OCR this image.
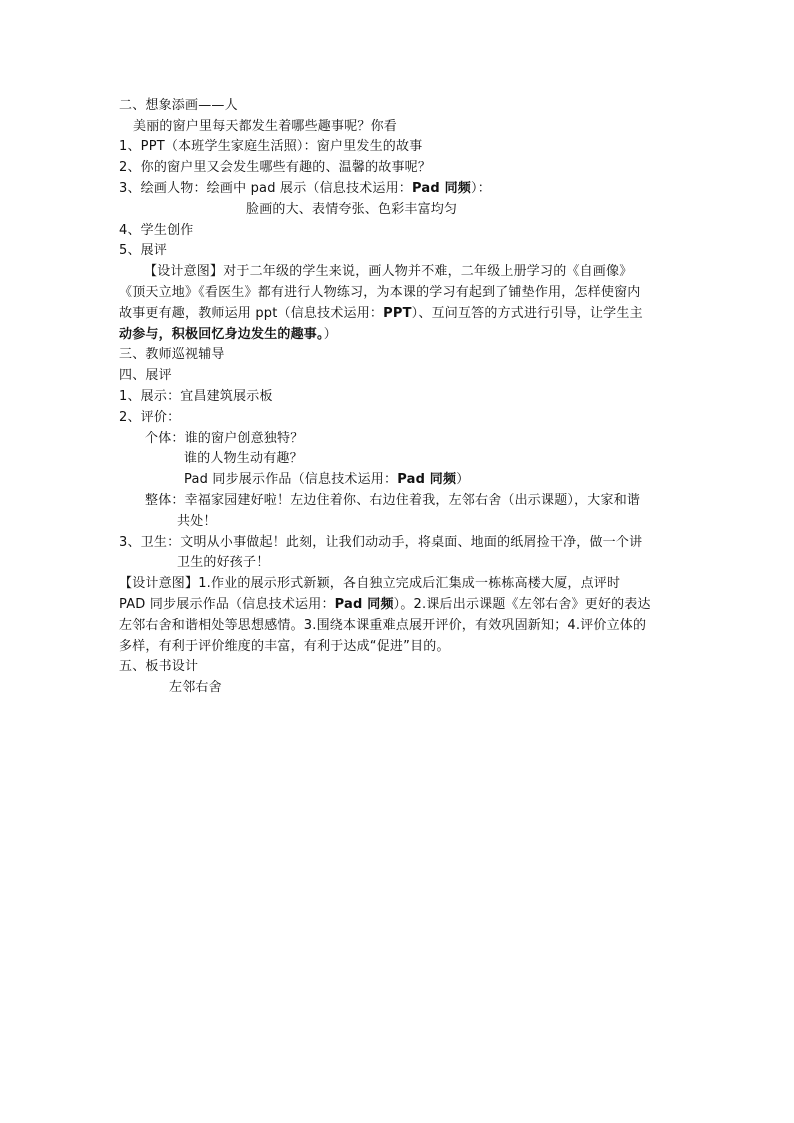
二、想象添画——人
美丽的窗户里每天都发生着哪些趣事呢？你看
1、PPT（本班学生家庭生活照）：窗户里发生的故事
2、你的窗户里又会发生哪些有趣的、温馨的故事呢？
3、绘画人物：绘画中 pad 展示（信息技术运用：Pad 同频）：
脸画的大、表情夸张、色彩丰富均匀
4、学生创作
5、展评
【设计意图】对于二年级的学生来说，画人物并不难，二年级上册学习的《自画像》
《顶天立地》《看医生》都有进行人物练习，为本课的学习有起到了铺垫作用，怎样使窗内
故事更有趣，教师运用 ppt（信息技术运用：PPT）、互问互答的方式进行引导，让学生主
动参与，积极回忆身边发生的趣事。）
三、教师巡视辅导
四、展评
1、展示：宜昌建筑展示板
2、评价：
个体：谁的窗户创意独特？
谁的人物生动有趣？
Pad 同步展示作品（信息技术运用：Pad 同频）
整体：幸福家园建好啦！左边住着你、右边住着我，左邻右舍（出示课题），大家和谐
共处！
3、卫生：文明从小事做起！此刻，让我们动动手，将桌面、地面的纸屑捡干净，做一个讲
卫生的好孩子！
【设计意图】1.作业的展示形式新颖，各自独立完成后汇集成一栋栋高楼大厦，点评时
PAD 同步展示作品（信息技术运用：Pad 同频）。2.课后出示课题《左邻右舍》更好的表达
左邻右舍和谐相处等思想感情。3.围绕本课重难点展开评价，有效巩固新知；4.评价立体的
多样，有利于评价维度的丰富，有利于达成“促进”目的。
五、板书设计
左邻右舍
